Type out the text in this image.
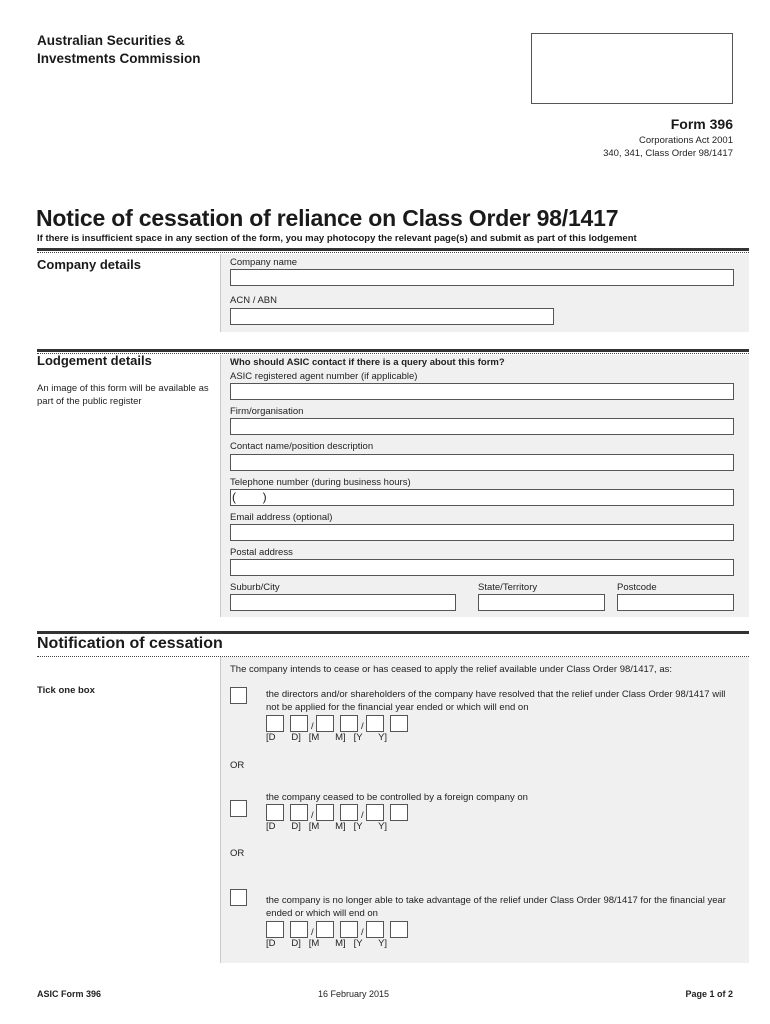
Australian Securities &
Investments Commission
Form 396
Corporations Act 2001
340, 341, Class Order 98/1417
Notice of cessation of reliance on Class Order 98/1417
If there is insufficient space in any section of the form, you may photocopy the relevant page(s) and submit as part of this lodgement
Company details	Company name
ACN / ABN
Lodgement details
An image of this form will be available as part of the public register
Who should ASIC contact if there is a query about this form?
ASIC registered agent number (if applicable)
Firm/organisation
Contact name/position description
Telephone number (during business hours)
(        )
Email address (optional)
Postal address
Suburb/City	State/Territory	Postcode
Notification of cessation
Tick one box
The company intends to cease or has ceased to apply the relief available under Class Order 98/1417, as:
the directors and/or shareholders of the company have resolved that the relief under Class Order 98/1417 will
not be applied for the financial year ended or which will end on
/	/
[D      D]   [M      M]   [Y      Y]
OR
the company ceased to be controlled by a foreign company on
/	/
[D      D]   [M      M]   [Y      Y]
OR
the company is no longer able to take advantage of the relief under Class Order 98/1417 for the financial year
ended or which will end on
/	/
[D      D]   [M      M]   [Y      Y]
ASIC Form 396	16 February 2015	Page 1 of 2
